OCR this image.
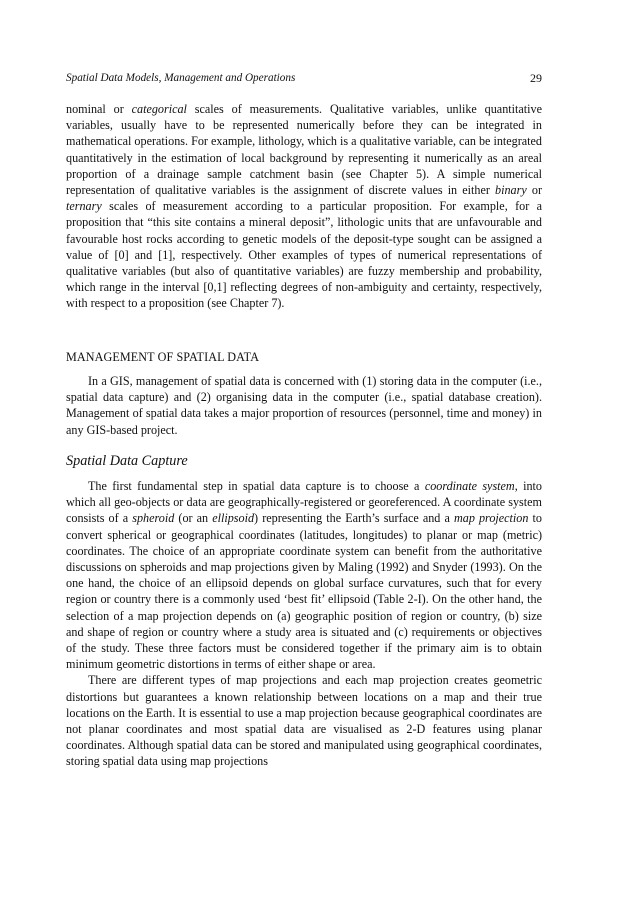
Spatial Data Models, Management and Operations	29

nominal or categorical scales of measurements. Qualitative variables, unlike quantitative variables, usually have to be represented numerically before they can be integrated in mathematical operations. For example, lithology, which is a qualitative variable, can be integrated quantitatively in the estimation of local background by representing it numerically as an areal proportion of a drainage sample catchment basin (see Chapter 5). A simple numerical representation of qualitative variables is the assignment of discrete values in either binary or ternary scales of measurement according to a particular proposition. For example, for a proposition that “this site contains a mineral deposit”, lithologic units that are unfavourable and favourable host rocks according to genetic models of the deposit-type sought can be assigned a value of [0] and [1], respectively. Other examples of types of numerical representations of qualitative variables (but also of quantitative variables) are fuzzy membership and probability, which range in the interval [0,1] reflecting degrees of non-ambiguity and certainty, respectively, with respect to a proposition (see Chapter 7).

MANAGEMENT OF SPATIAL DATA

In a GIS, management of spatial data is concerned with (1) storing data in the computer (i.e., spatial data capture) and (2) organising data in the computer (i.e., spatial database creation). Management of spatial data takes a major proportion of resources (personnel, time and money) in any GIS-based project.

Spatial Data Capture

The first fundamental step in spatial data capture is to choose a coordinate system, into which all geo-objects or data are geographically-registered or georeferenced. A coordinate system consists of a spheroid (or an ellipsoid) representing the Earth’s surface and a map projection to convert spherical or geographical coordinates (latitudes, longitudes) to planar or map (metric) coordinates. The choice of an appropriate coordinate system can benefit from the authoritative discussions on spheroids and map projections given by Maling (1992) and Snyder (1993). On the one hand, the choice of an ellipsoid depends on global surface curvatures, such that for every region or country there is a commonly used ‘best fit’ ellipsoid (Table 2-I). On the other hand, the selection of a map projection depends on (a) geographic position of region or country, (b) size and shape of region or country where a study area is situated and (c) requirements or objectives of the study. These three factors must be considered together if the primary aim is to obtain minimum geometric distortions in terms of either shape or area.

There are different types of map projections and each map projection creates geometric distortions but guarantees a known relationship between locations on a map and their true locations on the Earth. It is essential to use a map projection because geographical coordinates are not planar coordinates and most spatial data are visualised as 2-D features using planar coordinates. Although spatial data can be stored and manipulated using geographical coordinates, storing spatial data using map projections
